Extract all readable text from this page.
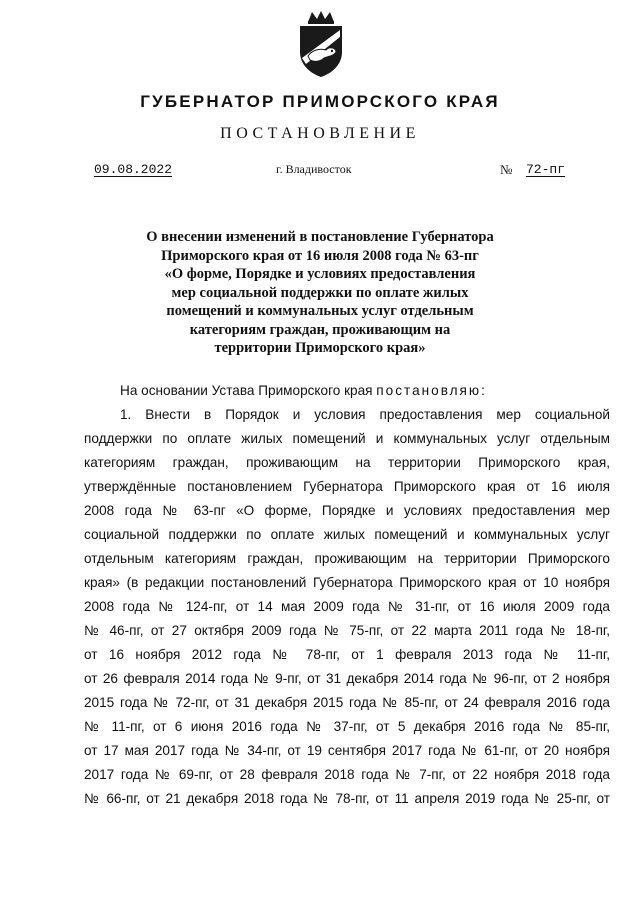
ГУБЕРНАТОР ПРИМОРСКОГО КРАЯ
ПОСТАНОВЛЕНИЕ
09.08.2022	г. Владивосток	№ 72-пг
О внесении изменений в постановление Губернатора
Приморского края от 16 июля 2008 года № 63-пг
«О форме, Порядке и условиях предоставления
мер социальной поддержки по оплате жилых
помещений и коммунальных услуг отдельным
категориям граждан, проживающим на
территории Приморского края»
На основании Устава Приморского края постановляю:
1. Внести в Порядок и условия предоставления мер социальной
поддержки по оплате жилых помещений и коммунальных услуг отдельным
категориям граждан, проживающим на территории Приморского края,
утверждённые постановлением Губернатора Приморского края от 16 июля
2008 года № 63-пг «О форме, Порядке и условиях предоставления мер
социальной поддержки по оплате жилых помещений и коммунальных услуг
отдельным категориям граждан, проживающим на территории Приморского
края» (в редакции постановлений Губернатора Приморского края от 10 ноября
2008 года № 124-пг, от 14 мая 2009 года № 31-пг, от 16 июля 2009 года
№ 46-пг, от 27 октября 2009 года № 75-пг, от 22 марта 2011 года № 18-пг,
от 16 ноября 2012 года № 78-пг, от 1 февраля 2013 года № 11-пг,
от 26 февраля 2014 года № 9-пг, от 31 декабря 2014 года № 96-пг, от 2 ноября
2015 года № 72-пг, от 31 декабря 2015 года № 85-пг, от 24 февраля 2016 года
№ 11-пг, от 6 июня 2016 года № 37-пг, от 5 декабря 2016 года № 85-пг,
от 17 мая 2017 года № 34-пг, от 19 сентября 2017 года № 61-пг, от 20 ноября
2017 года № 69-пг, от 28 февраля 2018 года № 7-пг, от 22 ноября 2018 года
№ 66-пг, от 21 декабря 2018 года № 78-пг, от 11 апреля 2019 года № 25-пг, от
